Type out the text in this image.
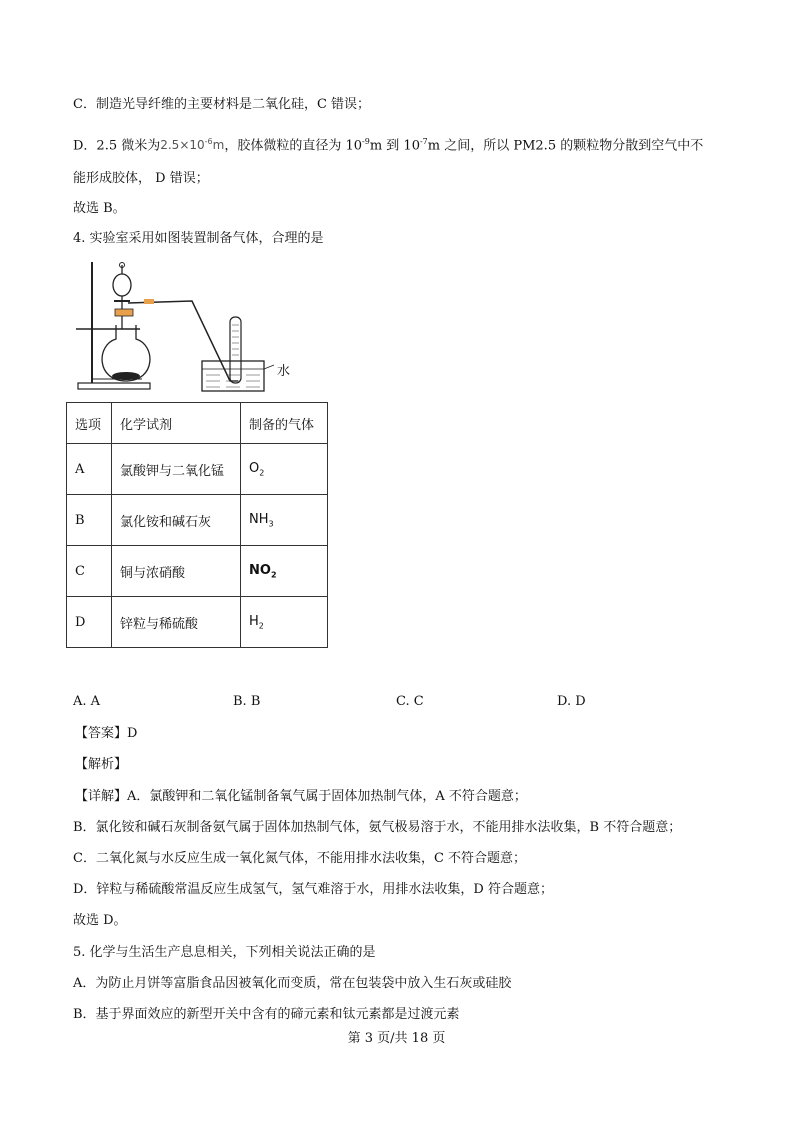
C．制造光导纤维的主要材料是二氧化硅，C 错误；
D．2.5 微米为$2.5\times 10^{-6}m$，胶体微粒的直径为 $10^{-9}m$ 到 $10^{-7}m$ 之间，所以 PM2.5 的颗粒物分散到空气中不
能形成胶体， D 错误；
故选 B。
4. 实验室采用如图装置制备气体，合理的是
水
选项	化学试剂	制备的气体
A	氯酸钾与二氧化锰	$O_2$
B	氯化铵和碱石灰	$NH_3$
C	铜与浓硝酸	$NO_2$
D	锌粒与稀硫酸	$H_2$
A. A	B. B	C. C	D. D
【答案】D
【解析】
【详解】A．氯酸钾和二氧化锰制备氧气属于固体加热制气体，A 不符合题意；
B．氯化铵和碱石灰制备氨气属于固体加热制气体，氨气极易溶于水，不能用排水法收集，B 不符合题意；
C．二氧化氮与水反应生成一氧化氮气体，不能用排水法收集，C 不符合题意；
D．锌粒与稀硫酸常温反应生成氢气，氢气难溶于水，用排水法收集，D 符合题意；
故选 D。
5. 化学与生活生产息息相关，下列相关说法正确的是
A．为防止月饼等富脂食品因被氧化而变质，常在包装袋中放入生石灰或硅胶
B．基于界面效应的新型开关中含有的碲元素和钛元素都是过渡元素
第 3 页/共 18 页
